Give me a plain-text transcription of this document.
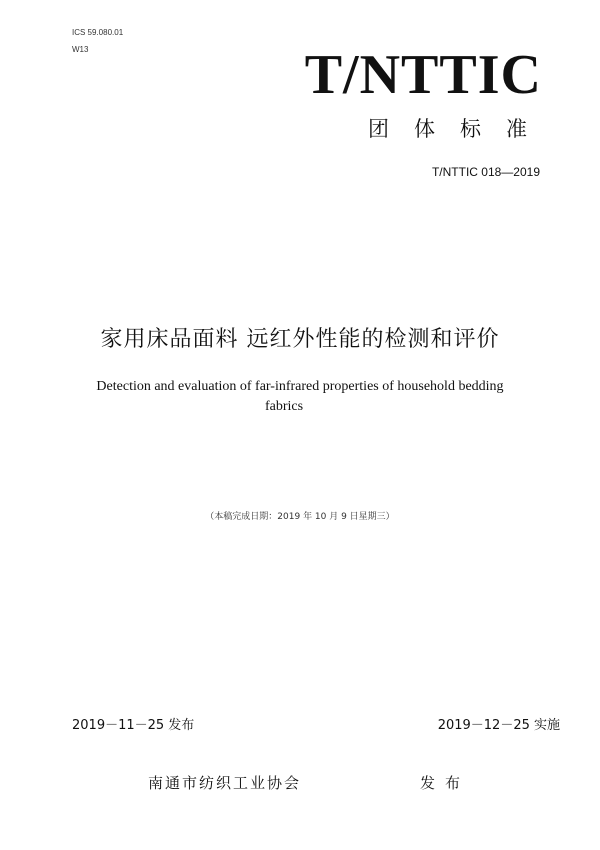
ICS 59.080.01
W13	T/NTTIC
团体标准
T/NTTIC 018—2019
家用床品面料 远红外性能的检测和评价
Detection and evaluation of far-infrared properties of household bedding
fabrics
（本稿完成日期：2019 年 10 月 9 日星期三）
2019－11－25 发布	2019－12－25 实施
南通市纺织工业协会	发布
